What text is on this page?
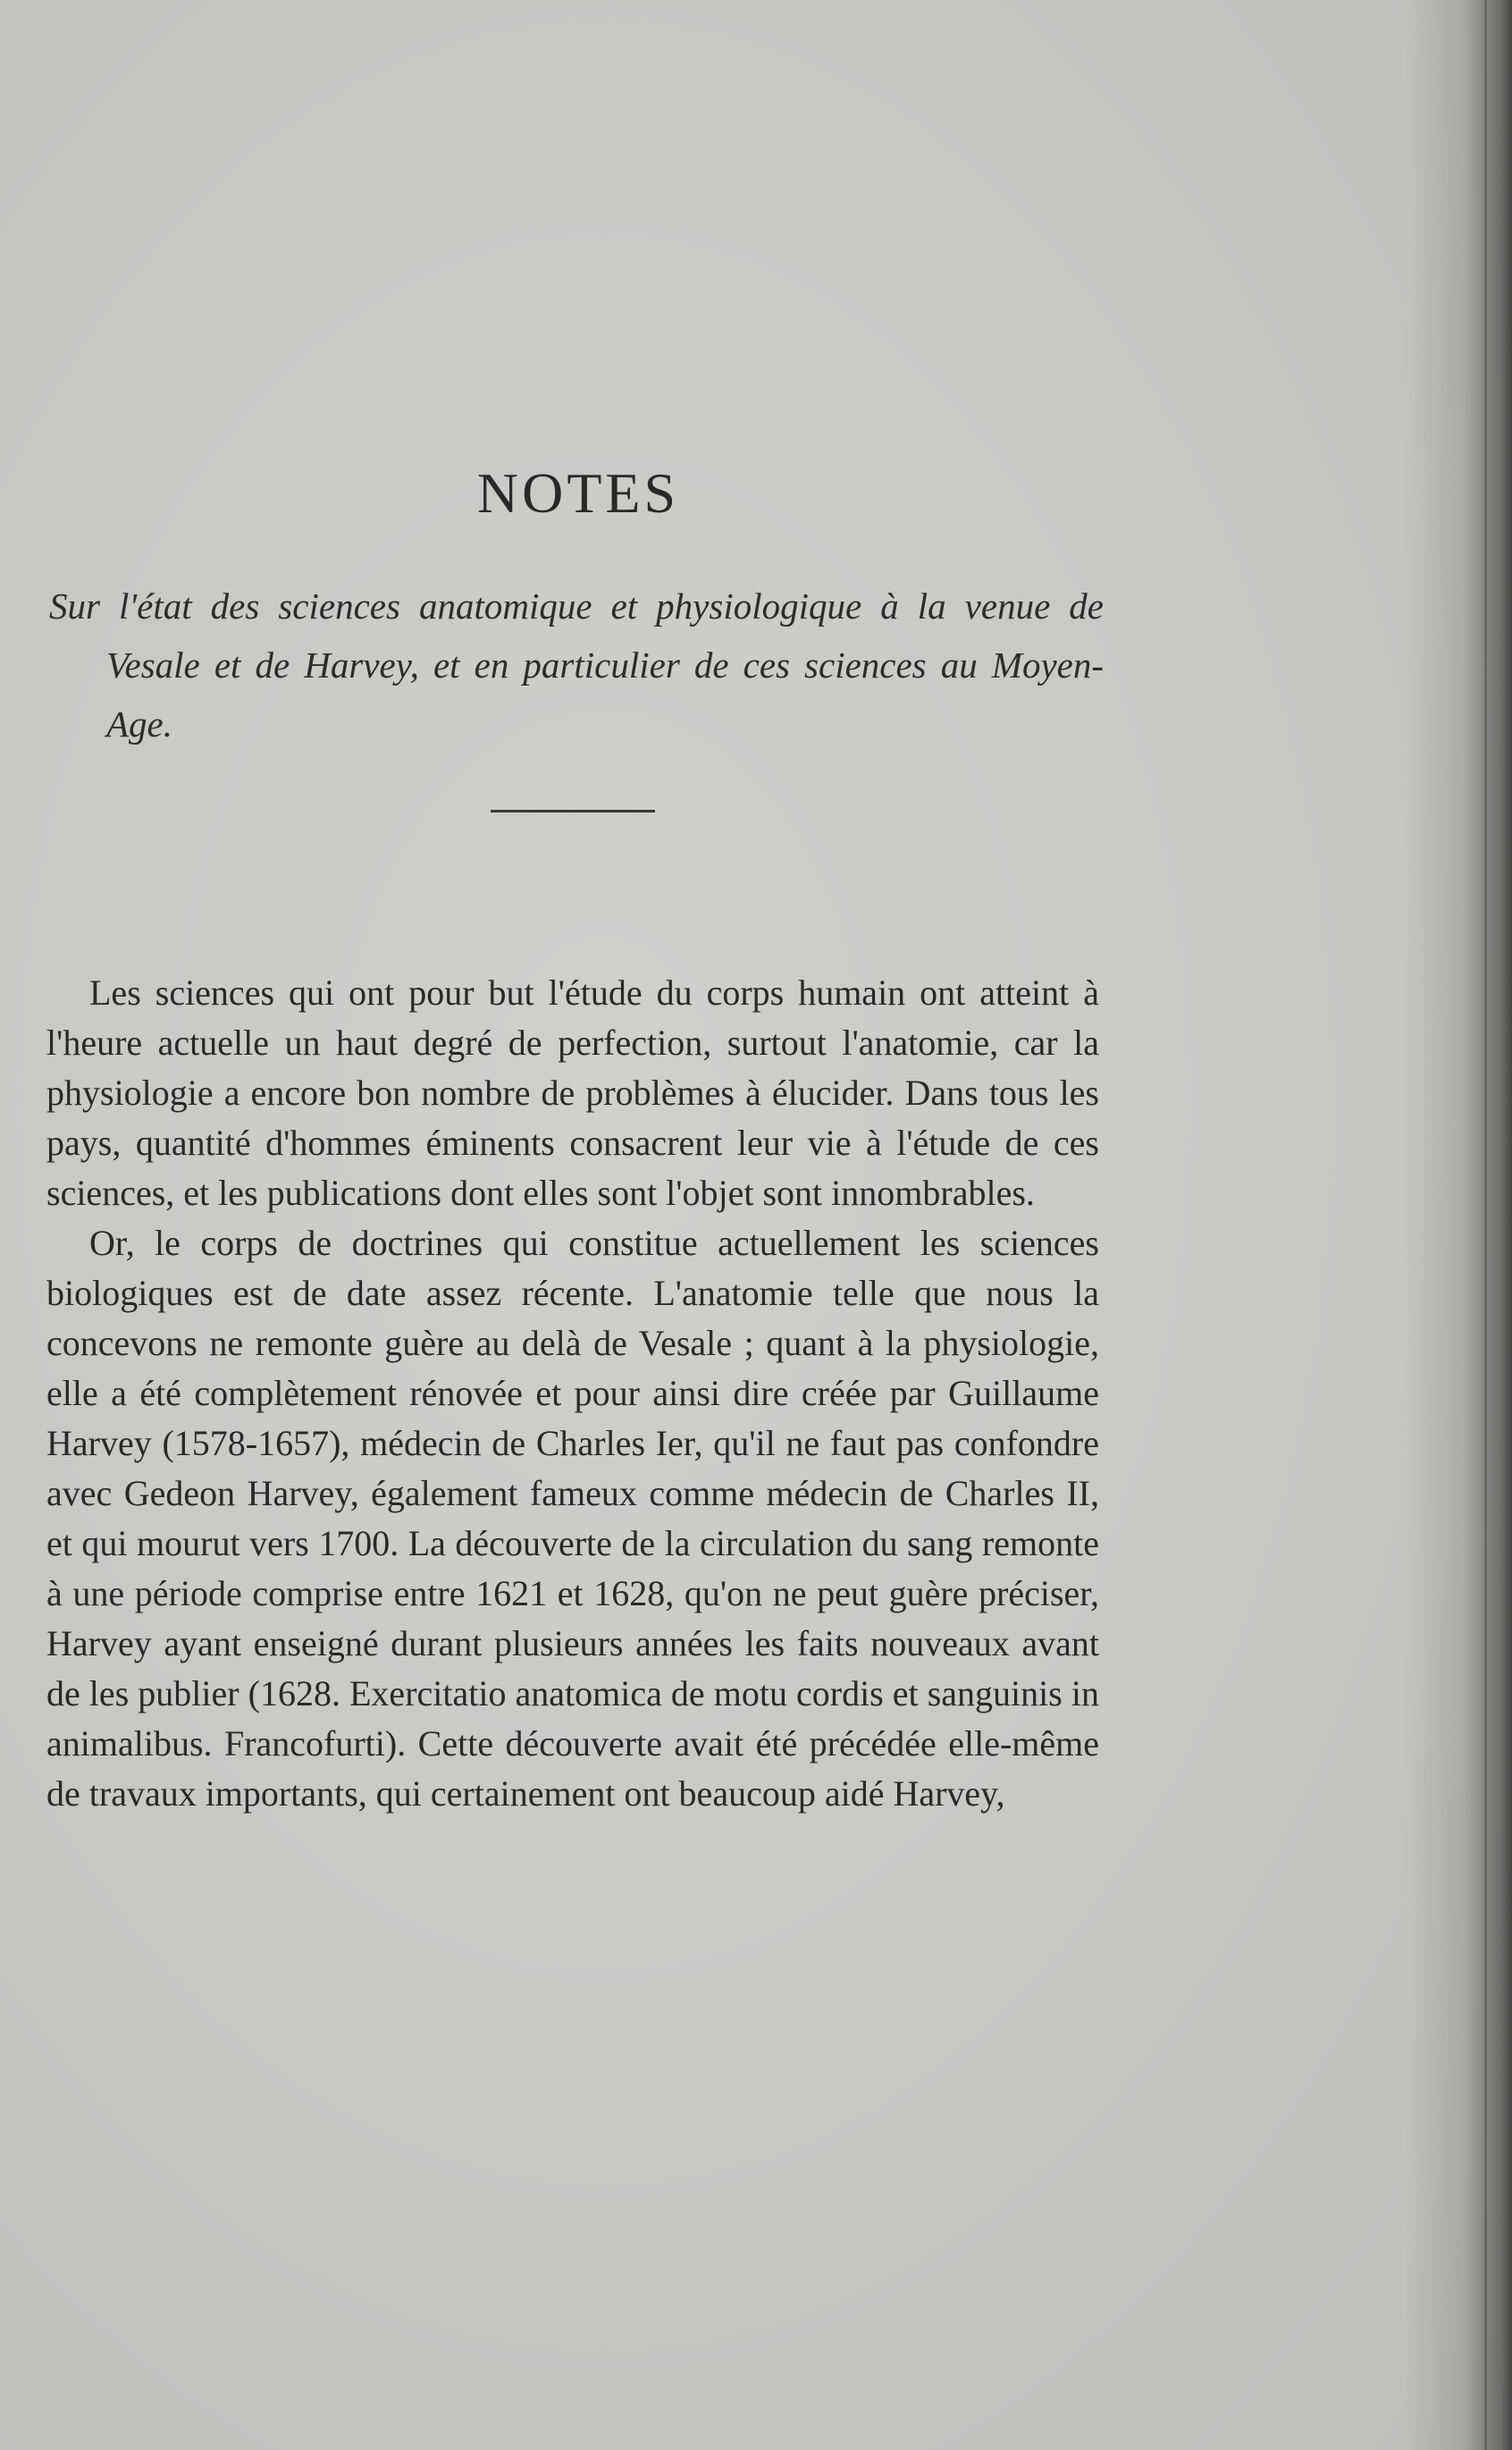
NOTES
Sur l'état des sciences anatomique et physiologique à la venue de Vesale et de Harvey, et en particulier de ces sciences au Moyen-Age.

Les sciences qui ont pour but l'étude du corps humain ont atteint à l'heure actuelle un haut degré de perfection, surtout l'anatomie, car la physiologie a encore bon nombre de problèmes à élucider. Dans tous les pays, quantité d'hommes éminents consacrent leur vie à l'étude de ces sciences, et les publications dont elles sont l'objet sont innombrables.

Or, le corps de doctrines qui constitue actuellement les sciences biologiques est de date assez récente. L'anatomie telle que nous la concevons ne remonte guère au delà de Vesale ; quant à la physiologie, elle a été complètement rénovée et pour ainsi dire créée par Guillaume Harvey (1578-1657), médecin de Charles Ier, qu'il ne faut pas confondre avec Gedeon Harvey, également fameux comme médecin de Charles II, et qui mourut vers 1700. La découverte de la circulation du sang remonte à une période comprise entre 1621 et 1628, qu'on ne peut guère préciser, Harvey ayant enseigné durant plusieurs années les faits nouveaux avant de les publier (1628. Exercitatio anatomica de motu cordis et sanguinis in animalibus. Francofurti). Cette découverte avait été précédée elle-même de travaux importants, qui certainement ont beaucoup aidé Harvey,
